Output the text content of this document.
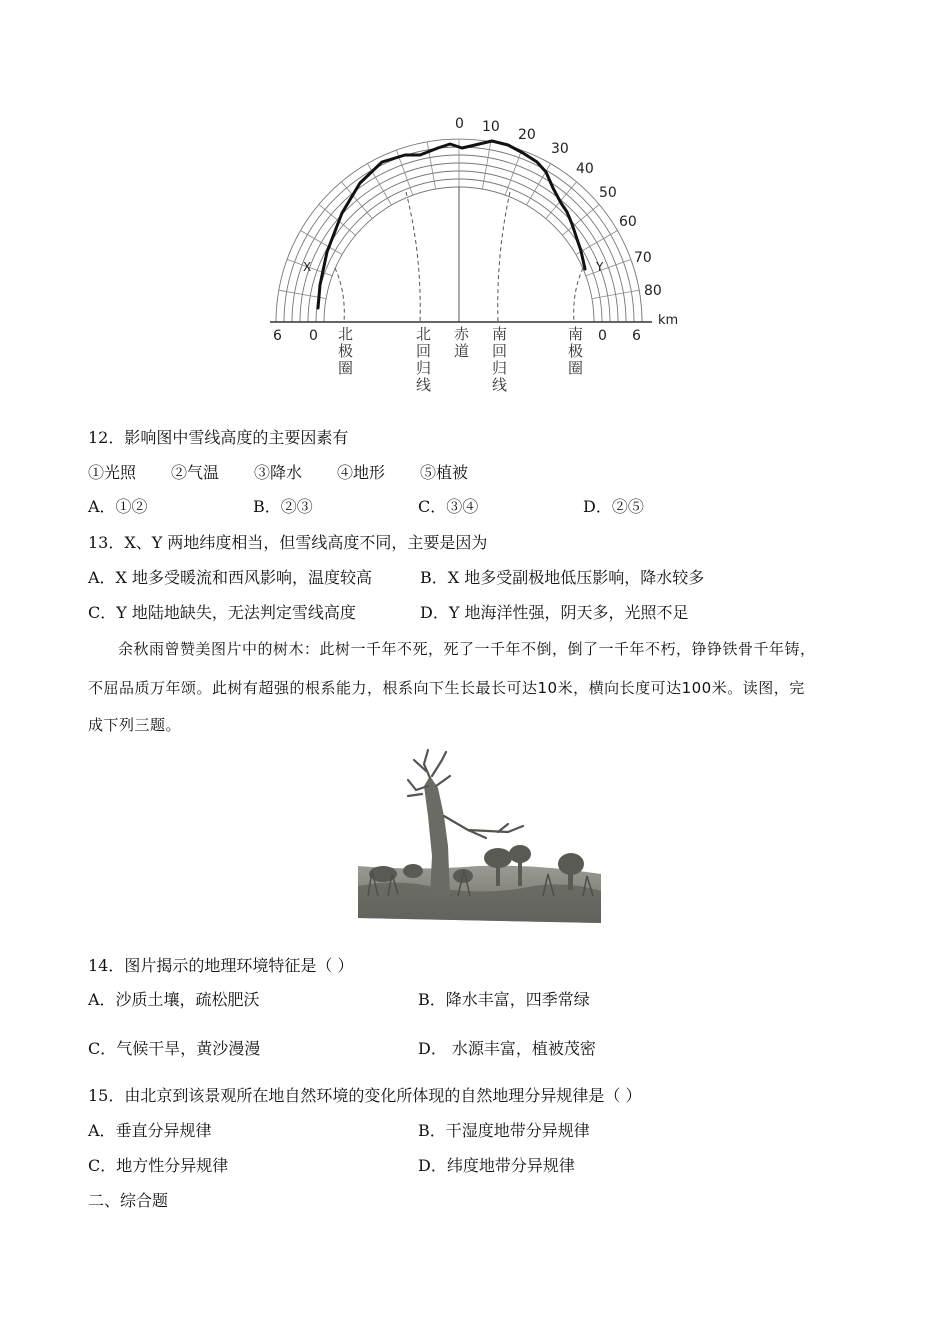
0 10 20
30
40
50
60
70
80
km
6 0	0 6
X	Y
北极圈
北回归线
赤道
南回归线
南极圈
12．影响图中雪线高度的主要因素有
①光照 ②气温 ③降水 ④地形 ⑤植被
A．①②	B．②③	C．③④	D．②⑤
13．X、Y 两地纬度相当，但雪线高度不同，主要是因为
A．X 地多受暖流和西风影响，温度较高	B．X 地多受副极地低压影响，降水较多
C．Y 地陆地缺失，无法判定雪线高度	D．Y 地海洋性强，阴天多，光照不足
余秋雨曾赞美图片中的树木：此树一千年不死，死了一千年不倒，倒了一千年不朽，铮铮铁骨千年铸，
不屈品质万年颂。此树有超强的根系能力，根系向下生长最长可达10米，横向长度可达100米。读图，完
成下列三题。
14．图片揭示的地理环境特征是（ ）
A．沙质土壤，疏松肥沃	B．降水丰富，四季常绿
C．气候干旱，黄沙漫漫	D． 水源丰富，植被茂密
15．由北京到该景观所在地自然环境的变化所体现的自然地理分异规律是（ ）
A．垂直分异规律	B．干湿度地带分异规律
C．地方性分异规律	D．纬度地带分异规律
二、综合题
